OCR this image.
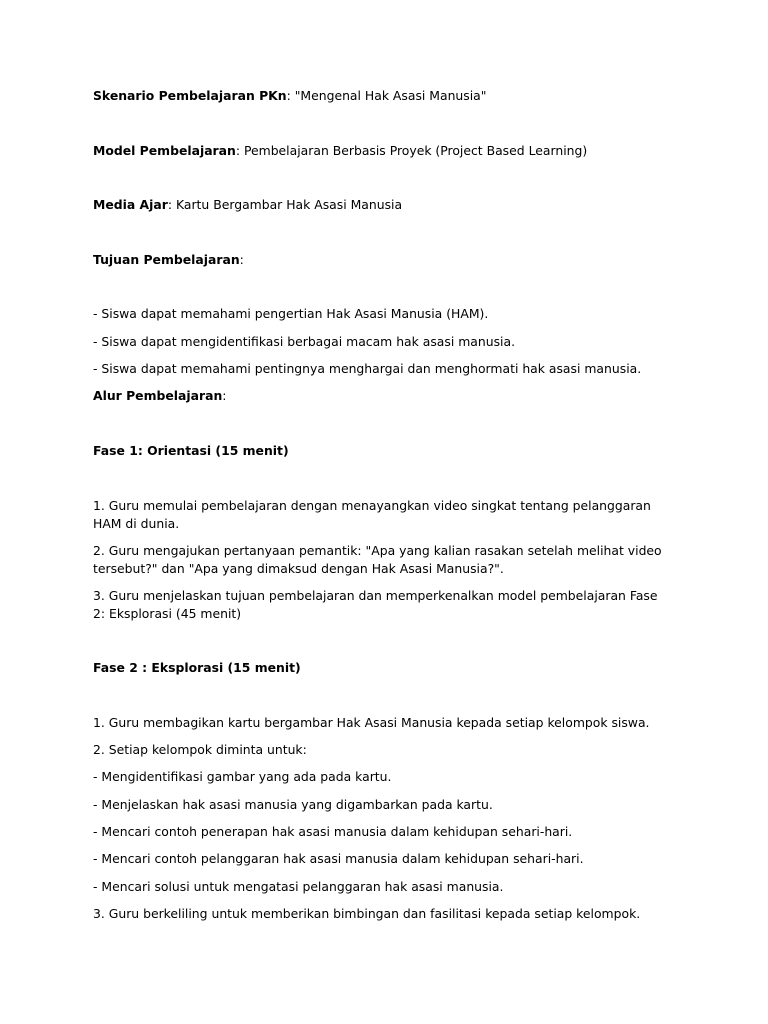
Skenario Pembelajaran PKn: "Mengenal Hak Asasi Manusia"

Model Pembelajaran: Pembelajaran Berbasis Proyek (Project Based Learning)

Media Ajar: Kartu Bergambar Hak Asasi Manusia

Tujuan Pembelajaran:

- Siswa dapat memahami pengertian Hak Asasi Manusia (HAM).

- Siswa dapat mengidentifikasi berbagai macam hak asasi manusia.

- Siswa dapat memahami pentingnya menghargai dan menghormati hak asasi manusia.

Alur Pembelajaran:

Fase 1: Orientasi (15 menit)

1. Guru memulai pembelajaran dengan menayangkan video singkat tentang pelanggaran HAM di dunia.

2. Guru mengajukan pertanyaan pemantik: "Apa yang kalian rasakan setelah melihat video tersebut?" dan "Apa yang dimaksud dengan Hak Asasi Manusia?".

3. Guru menjelaskan tujuan pembelajaran dan memperkenalkan model pembelajaran Fase 2: Eksplorasi (45 menit)

Fase 2 : Eksplorasi (15 menit)

1. Guru membagikan kartu bergambar Hak Asasi Manusia kepada setiap kelompok siswa.

2. Setiap kelompok diminta untuk:

- Mengidentifikasi gambar yang ada pada kartu.

- Menjelaskan hak asasi manusia yang digambarkan pada kartu.

- Mencari contoh penerapan hak asasi manusia dalam kehidupan sehari-hari.

- Mencari contoh pelanggaran hak asasi manusia dalam kehidupan sehari-hari.

- Mencari solusi untuk mengatasi pelanggaran hak asasi manusia.

3. Guru berkeliling untuk memberikan bimbingan dan fasilitasi kepada setiap kelompok.
